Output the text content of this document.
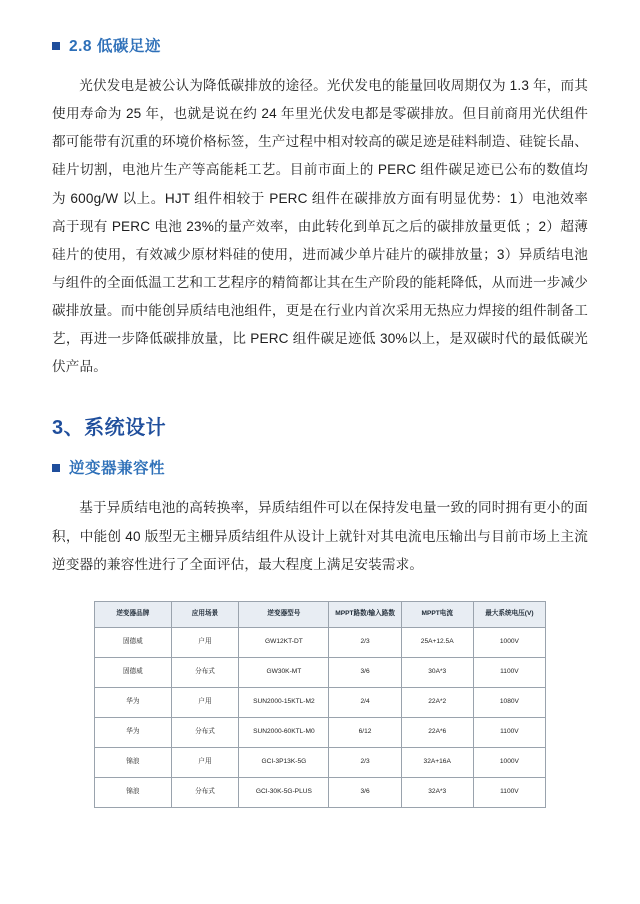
2.8 低碳足迹

光伏发电是被公认为降低碳排放的途径。光伏发电的能量回收周期仅为 1.3 年，而其使用寿命为 25 年，也就是说在约 24 年里光伏发电都是零碳排放。但目前商用光伏组件都可能带有沉重的环境价格标签，生产过程中相对较高的碳足迹是硅料制造、硅锭长晶、硅片切割，电池片生产等高能耗工艺。目前市面上的 PERC 组件碳足迹已公布的数值均为 600g/W 以上。HJT 组件相较于 PERC 组件在碳排放方面有明显优势：1）电池效率高于现有 PERC 电池 23%的量产效率，由此转化到单瓦之后的碳排放量更低 ；2）超薄硅片的使用，有效减少原材料硅的使用，进而减少单片硅片的碳排放量；3）异质结电池与组件的全面低温工艺和工艺程序的精简都让其在生产阶段的能耗降低，从而进一步减少碳排放量。而中能创异质结电池组件，更是在行业内首次采用无热应力焊接的组件制备工艺，再进一步降低碳排放量，比 PERC 组件碳足迹低 30%以上，是双碳时代的最低碳光伏产品。

3、系统设计
逆变器兼容性

基于异质结电池的高转换率，异质结组件可以在保持发电量一致的同时拥有更小的面积，中能创 40 版型无主栅异质结组件从设计上就针对其电流电压输出与目前市场上主流逆变器的兼容性进行了全面评估，最大程度上满足安装需求。

逆变器品牌	应用场景	逆变器型号	MPPT路数/输入路数	MPPT电流	最大系统电压(V)
固德威	户用	GW12KT-DT	2/3	25A+12.5A	1000V
固德威	分布式	GW30K-MT	3/6	30A*3	1100V
华为	户用	SUN2000-15KTL-M2	2/4	22A*2	1080V
华为	分布式	SUN2000-60KTL-M0	6/12	22A*6	1100V
锦浪	户用	GCI-3P13K-5G	2/3	32A+16A	1000V
锦浪	分布式	GCI-30K-5G-PLUS	3/6	32A*3	1100V
